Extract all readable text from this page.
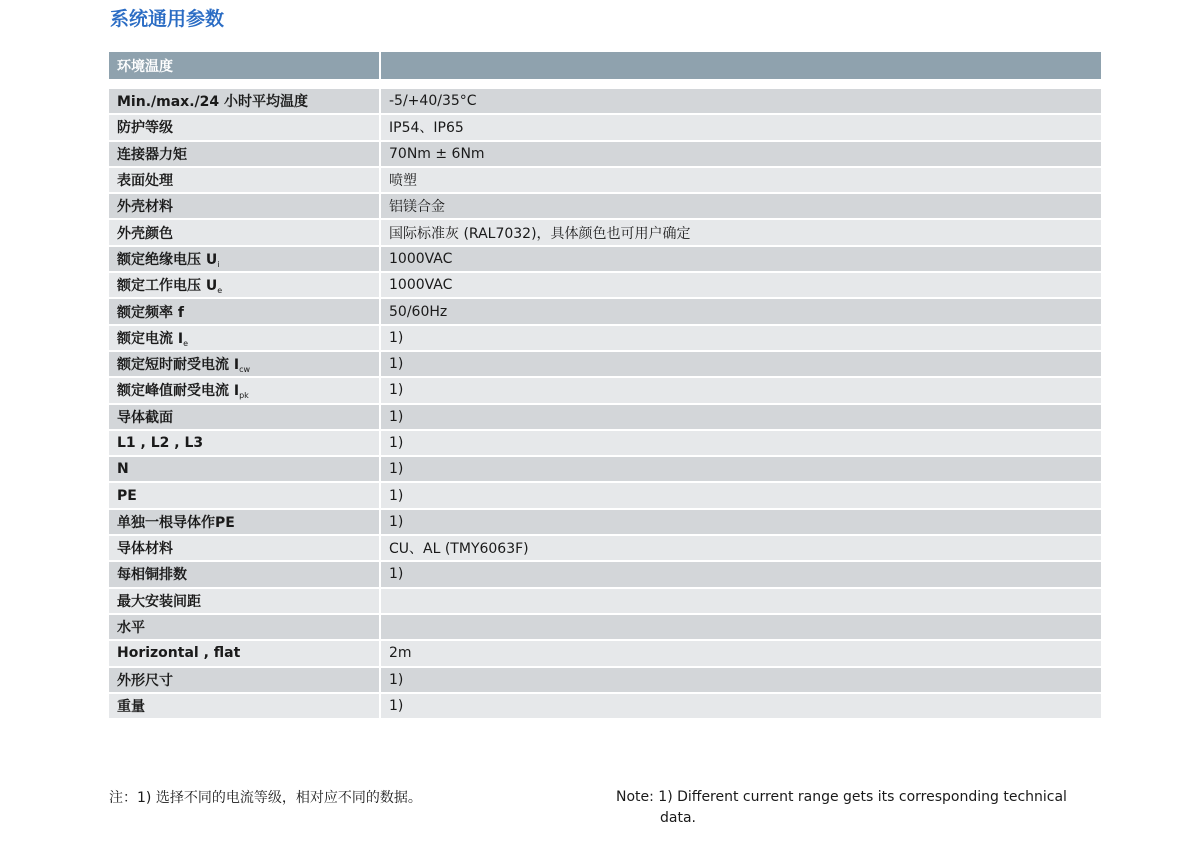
系统通用参数
环境温度	

Min./max./24 小时平均温度	-5/+40/35°C
防护等级	IP54、IP65
连接器力矩	70Nm ± 6Nm
表面处理	喷塑
外壳材料	铝镁合金
外壳颜色	国际标准灰 (RAL7032)，具体颜色也可用户确定
额定绝缘电压 $U_i$	1000VAC
额定工作电压 $U_e$	1000VAC
额定频率 f	50/60Hz
额定电流 $I_e$	1)
额定短时耐受电流 $I_{cw}$	1)
额定峰值耐受电流 $I_{pk}$	1)
导体截面	1)
L1 , L2 , L3	1)
N	1)
PE	1)
单独一根导体作PE	1)
导体材料	CU、AL (TMY6063F)
每相铜排数	1)
最大安装间距	
水平	
Horizontal , flat	2m
外形尺寸	1)
重量	1)
注：1) 选择不同的电流等级，相对应不同的数据。	Note: 1) Different current range gets its corresponding technical
data.
